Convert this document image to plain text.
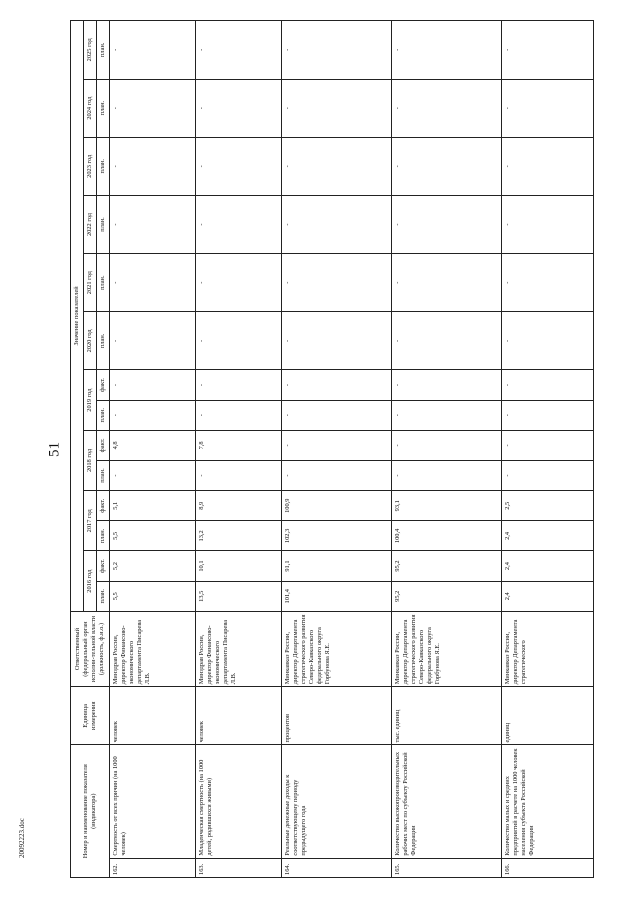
51
20092223.doc	Номер и наименование показателя (индикатора)		Единица измерения	Ответственный (федеральный орган исполни-тельной власти (должность, ф.и.о.)	Значение показателей													
				2016 год		2017 год		2018 год		2019 год		2020 год	2021 год	2022 год	2023 год	2024 год	2025 год
				план.	факт.	план.	факт.	план.	факт.	план.	факт.	план.	план.	план.	план.	план.	план.
162.	Смертность от всех причин (на 1000 человек)	человек	Минздрав России, директор Финансово-экономического департамента Писарева Л.В.	5,5	5,2	5,5	5,1	-	4,8	-	-	-	-	-	-	-	-
163.	Младенческая смертность (на 1000 детей, родившихся живыми)	человек	Минздрав России, директор Финансово-экономического департамента Писарева Л.В.	13,5	10,1	13,2	8,9	-	7,8	-	-	-	-	-	-	-	-
164.	Реальные денежные доходы к соответствующему периоду предыдущего года	процентов	Минкавказ России, директор Департамента стратегического развития Северо-Кавказского федерального округа Горбунова Я.Е.	101,4	91,1	102,3	100,9	-	-	-	-	-	-	-	-	-	-
165.	Количество высокопроизводительных рабочих мест по субъекту Российской Федерации	тыс. единиц	Минкавказ России, директор Департамента стратегического развития Северо-Кавказского федерального округа Горбунова Я.Е.	95,2	95,2	100,4	93,1	-	-	-	-	-	-	-	-	-	-
166.	Количество малых и средних предприятий в расчете на 1000 человек населения субъекта Российской Федерации	единиц	Минкавказ России, директор Департамента стратегического	2,4	2,4	2,4	2,5	-	-	-	-	-	-	-	-	-	-
